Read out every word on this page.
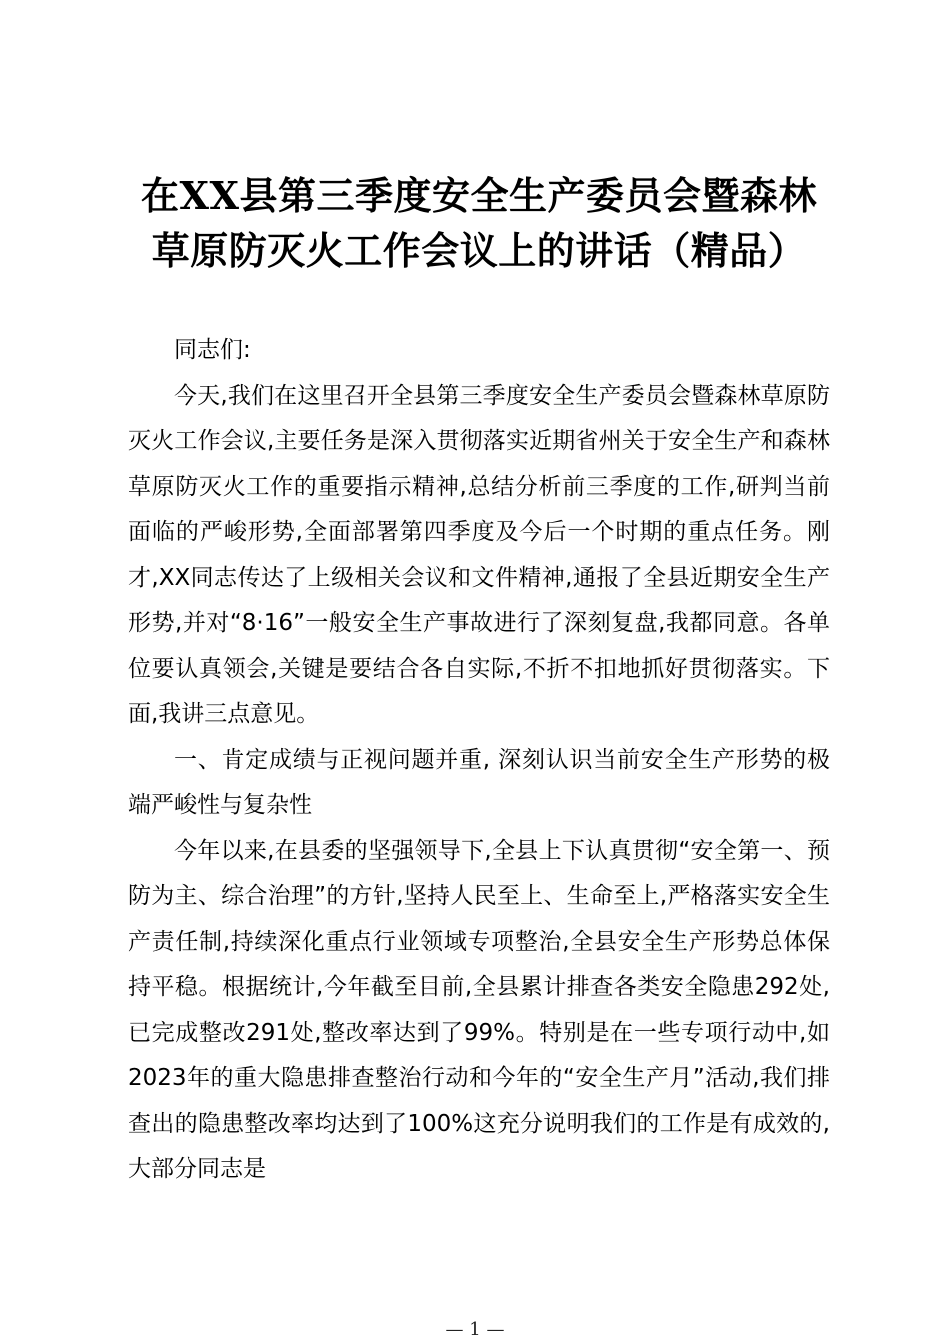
在XX县第三季度安全生产委员会暨森林草原防灭火工作会议上的讲话（精品）

同志们:

今天,我们在这里召开全县第三季度安全生产委员会暨森林草原防灭火工作会议,主要任务是深入贯彻落实近期省州关于安全生产和森林草原防灭火工作的重要指示精神,总结分析前三季度的工作,研判当前面临的严峻形势,全面部署第四季度及今后一个时期的重点任务。刚才,XX同志传达了上级相关会议和文件精神,通报了全县近期安全生产形势,并对“8·16”一般安全生产事故进行了深刻复盘,我都同意。各单位要认真领会,关键是要结合各自实际,不折不扣地抓好贯彻落实。下面,我讲三点意见。

一、肯定成绩与正视问题并重, 深刻认识当前安全生产形势的极端严峻性与复杂性

今年以来,在县委的坚强领导下,全县上下认真贯彻“安全第一、预防为主、综合治理”的方针,坚持人民至上、生命至上,严格落实安全生产责任制,持续深化重点行业领域专项整治,全县安全生产形势总体保持平稳。根据统计,今年截至目前,全县累计排查各类安全隐患292处,已完成整改291处,整改率达到了99%。特别是在一些专项行动中,如2023年的重大隐患排查整治行动和今年的“安全生产月”活动,我们排查出的隐患整改率均达到了100%这充分说明我们的工作是有成效的,大部分同志是

— 1 —
